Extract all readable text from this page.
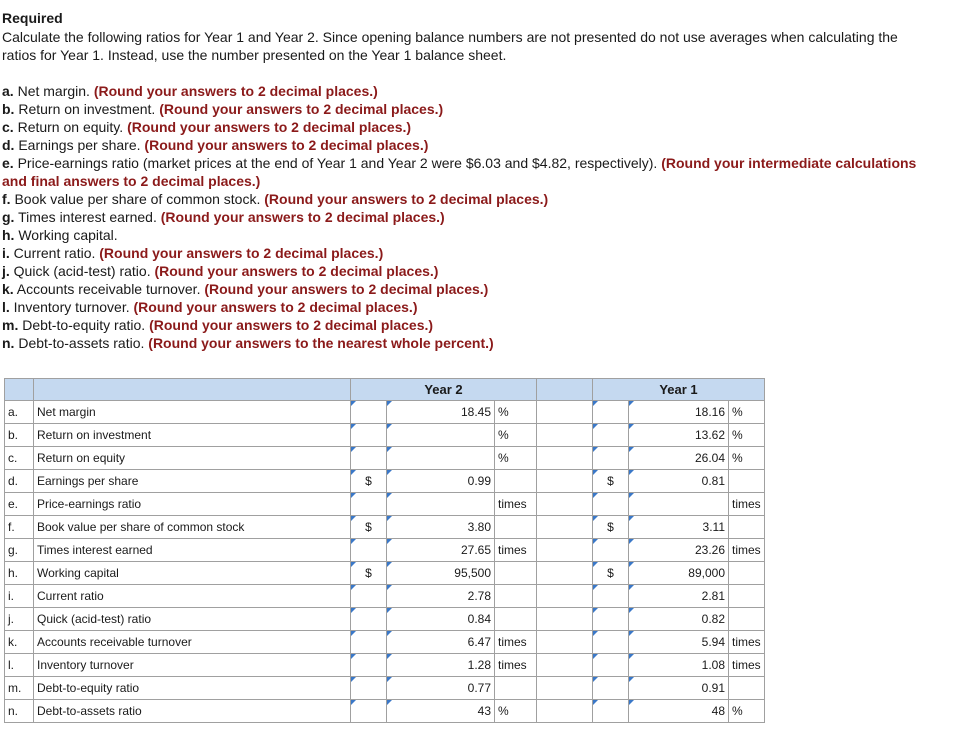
Required
Calculate the following ratios for Year 1 and Year 2. Since opening balance numbers are not presented do not use averages when calculating the ratios for Year 1. Instead, use the number presented on the Year 1 balance sheet.
a. Net margin. (Round your answers to 2 decimal places.)
b. Return on investment. (Round your answers to 2 decimal places.)
c. Return on equity. (Round your answers to 2 decimal places.)
d. Earnings per share. (Round your answers to 2 decimal places.)
e. Price-earnings ratio (market prices at the end of Year 1 and Year 2 were $6.03 and $4.82, respectively). (Round your intermediate calculations and final answers to 2 decimal places.)
f. Book value per share of common stock. (Round your answers to 2 decimal places.)
g. Times interest earned. (Round your answers to 2 decimal places.)
h. Working capital.
i. Current ratio. (Round your answers to 2 decimal places.)
j. Quick (acid-test) ratio. (Round your answers to 2 decimal places.)
k. Accounts receivable turnover. (Round your answers to 2 decimal places.)
l. Inventory turnover. (Round your answers to 2 decimal places.)
m. Debt-to-equity ratio. (Round your answers to 2 decimal places.)
n. Debt-to-assets ratio. (Round your answers to the nearest whole percent.)
		Year 2				Year 1		
a.	Net margin		18.45	%			18.16	%
b.	Return on investment			%			13.62	%
c.	Return on equity			%			26.04	%
d.	Earnings per share	$	0.99			$	0.81	
e.	Price-earnings ratio			times				times
f.	Book value per share of common stock	$	3.80			$	3.11	
g.	Times interest earned		27.65	times			23.26	times
h.	Working capital	$	95,500			$	89,000	
i.	Current ratio		2.78				2.81	
j.	Quick (acid-test) ratio		0.84				0.82	
k.	Accounts receivable turnover		6.47	times			5.94	times
l.	Inventory turnover		1.28	times			1.08	times
m.	Debt-to-equity ratio		0.77				0.91	
n.	Debt-to-assets ratio		43	%			48	%
